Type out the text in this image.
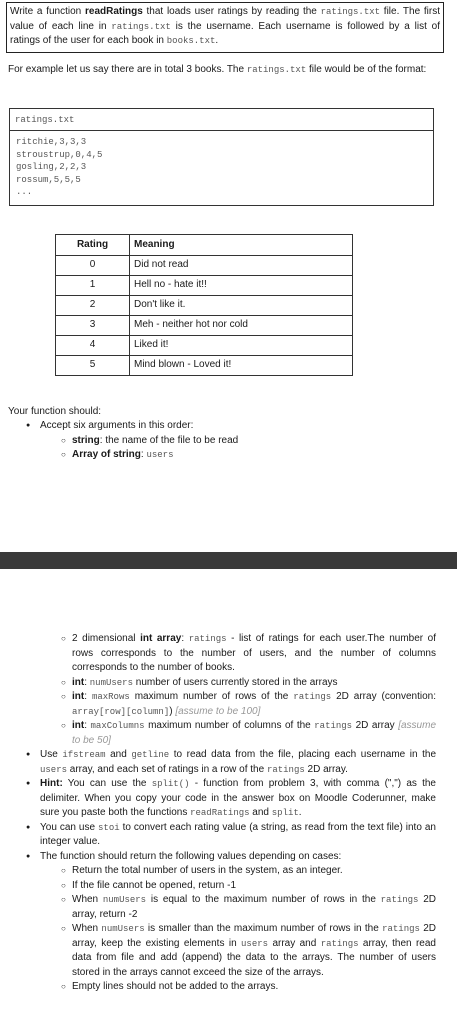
Write a function readRatings that loads user ratings by reading the ratings.txt file. The first value of each line in ratings.txt is the username. Each username is followed by a list of ratings of the user for each book in books.txt.
For example let us say there are in total 3 books. The ratings.txt file would be of the format:
ratings.txt
ritchie,3,3,3
stroustrup,0,4,5
gosling,2,2,3
rossum,5,5,5
...
Rating	Meaning
0	Did not read
1	Hell no - hate it!!
2	Don't like it.
3	Meh - neither hot nor cold
4	Liked it!
5	Mind blown - Loved it!
Your function should:
● Accept six arguments in this order:
○ string: the name of the file to be read
○ Array of string: users
○ 2 dimensional int array: ratings - list of ratings for each user.The number of rows corresponds to the number of users, and the number of columns corresponds to the number of books.
○ int: numUsers number of users currently stored in the arrays
○ int: maxRows maximum number of rows of the ratings 2D array (convention: array[row][column]) [assume to be 100]
○ int: maxColumns maximum number of columns of the ratings 2D array [assume to be 50]
● Use ifstream and getline to read data from the file, placing each username in the users array, and each set of ratings in a row of the ratings 2D array.
● Hint: You can use the split() - function from problem 3, with comma (",") as the delimiter. When you copy your code in the answer box on Moodle Coderunner, make sure you paste both the functions readRatings and split.
● You can use stoi to convert each rating value (a string, as read from the text file) into an integer value.
● The function should return the following values depending on cases:
○ Return the total number of users in the system, as an integer.
○ If the file cannot be opened, return -1
○ When numUsers is equal to the maximum number of rows in the ratings 2D array, return -2
○ When numUsers is smaller than the maximum number of rows in the ratings 2D array, keep the existing elements in users array and ratings array, then read data from file and add (append) the data to the arrays. The number of users stored in the arrays cannot exceed the size of the arrays.
○ Empty lines should not be added to the arrays.
